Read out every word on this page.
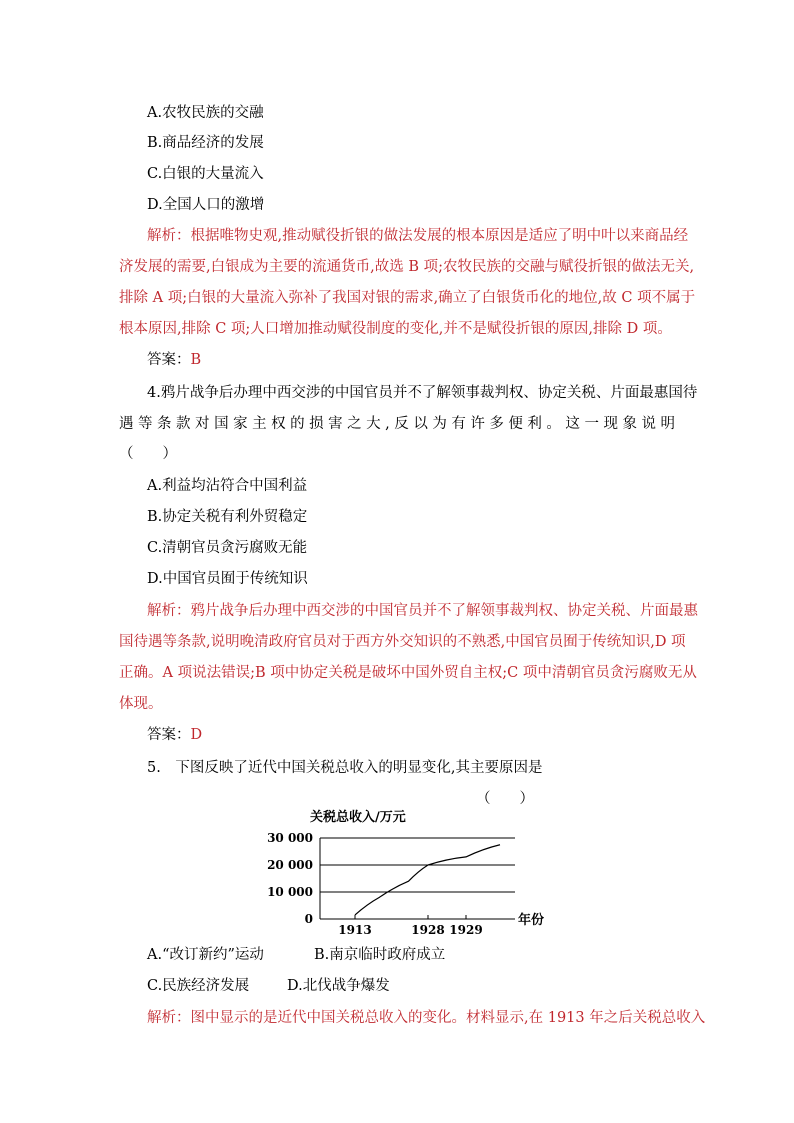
A.农牧民族的交融
B.商品经济的发展
C.白银的大量流入
D.全国人口的激增
解析：根据唯物史观,推动赋役折银的做法发展的根本原因是适应了明中叶以来商品经
济发展的需要,白银成为主要的流通货币,故选 B 项;农牧民族的交融与赋役折银的做法无关,
排除 A 项;白银的大量流入弥补了我国对银的需求,确立了白银货币化的地位,故 C 项不属于
根本原因,排除 C 项;人口增加推动赋役制度的变化,并不是赋役折银的原因,排除 D 项。
答案：B
4.鸦片战争后办理中西交涉的中国官员并不了解领事裁判权、协定关税、片面最惠国待
遇等条款对国家主权的损害之大,反以为有许多便利。这一现象说明
（　　）
A.利益均沾符合中国利益
B.协定关税有利外贸稳定
C.清朝官员贪污腐败无能
D.中国官员囿于传统知识
解析：鸦片战争后办理中西交涉的中国官员并不了解领事裁判权、协定关税、片面最惠
国待遇等条款,说明晚清政府官员对于西方外交知识的不熟悉,中国官员囿于传统知识,D 项
正确。A 项说法错误;B 项中协定关税是破坏中国外贸自主权;C 项中清朝官员贪污腐败无从
体现。
答案：D
5.　下图反映了近代中国关税总收入的明显变化,其主要原因是
（　　）
关税总收入/万元
0
10 000
20 000
30 000
1913	1928 1929
年份
A.“改订新约”运动	B.南京临时政府成立
C.民族经济发展	D.北伐战争爆发
解析：图中显示的是近代中国关税总收入的变化。材料显示,在 1913 年之后关税总收入
